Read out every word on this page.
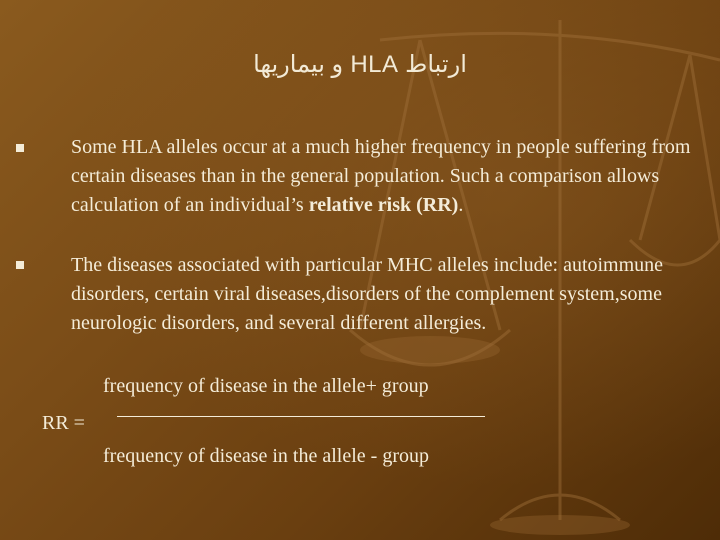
ارتباط HLA و بیماریها
Some HLA alleles occur at a much higher frequency in people suffering from certain diseases than in the general population. Such a comparison allows calculation of an individual’s relative risk (RR).
The diseases associated with particular MHC alleles include: autoimmune disorders, certain viral diseases,disorders of the complement system,some neurologic disorders, and several different allergies.
frequency of disease in the allele+ group
RR =
frequency of disease in the allele - group
